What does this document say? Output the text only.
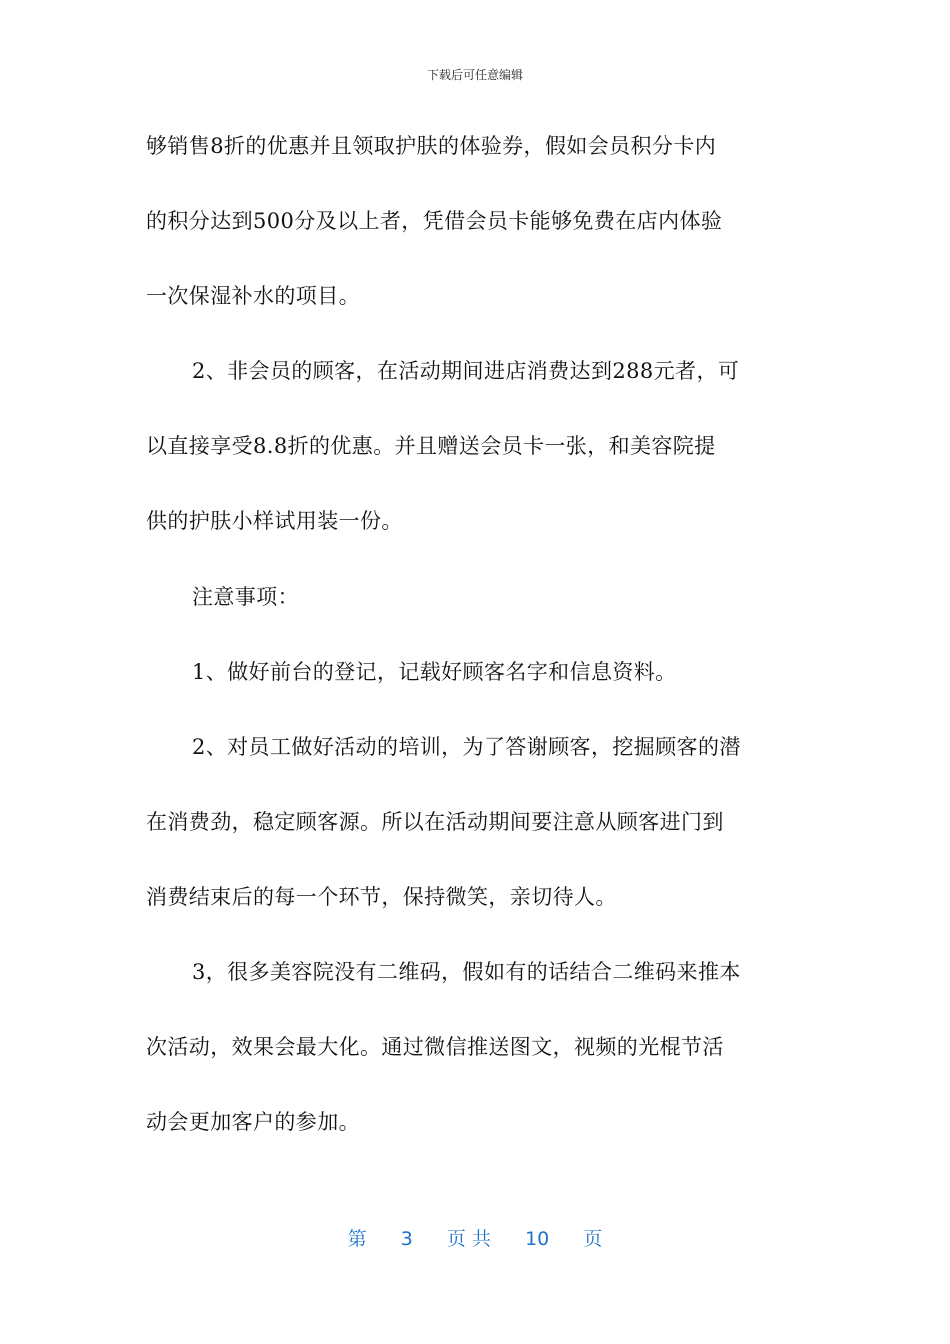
下载后可任意编辑
够销售8折的优惠并且领取护肤的体验券，假如会员积分卡内
的积分达到500分及以上者，凭借会员卡能够免费在店内体验
一次保湿补水的项目。
2、非会员的顾客，在活动期间进店消费达到288元者，可
以直接享受8.8折的优惠。并且赠送会员卡一张，和美容院提
供的护肤小样试用装一份。
注意事项：
1、做好前台的登记，记载好顾客名字和信息资料。
2、对员工做好活动的培训，为了答谢顾客，挖掘顾客的潜
在消费劲，稳定顾客源。所以在活动期间要注意从顾客进门到
消费结束后的每一个环节，保持微笑，亲切待人。
3，很多美容院没有二维码，假如有的话结合二维码来推本
次活动，效果会最大化。通过微信推送图文，视频的光棍节活
动会更加客户的参加。
第 3 页 共 10 页
